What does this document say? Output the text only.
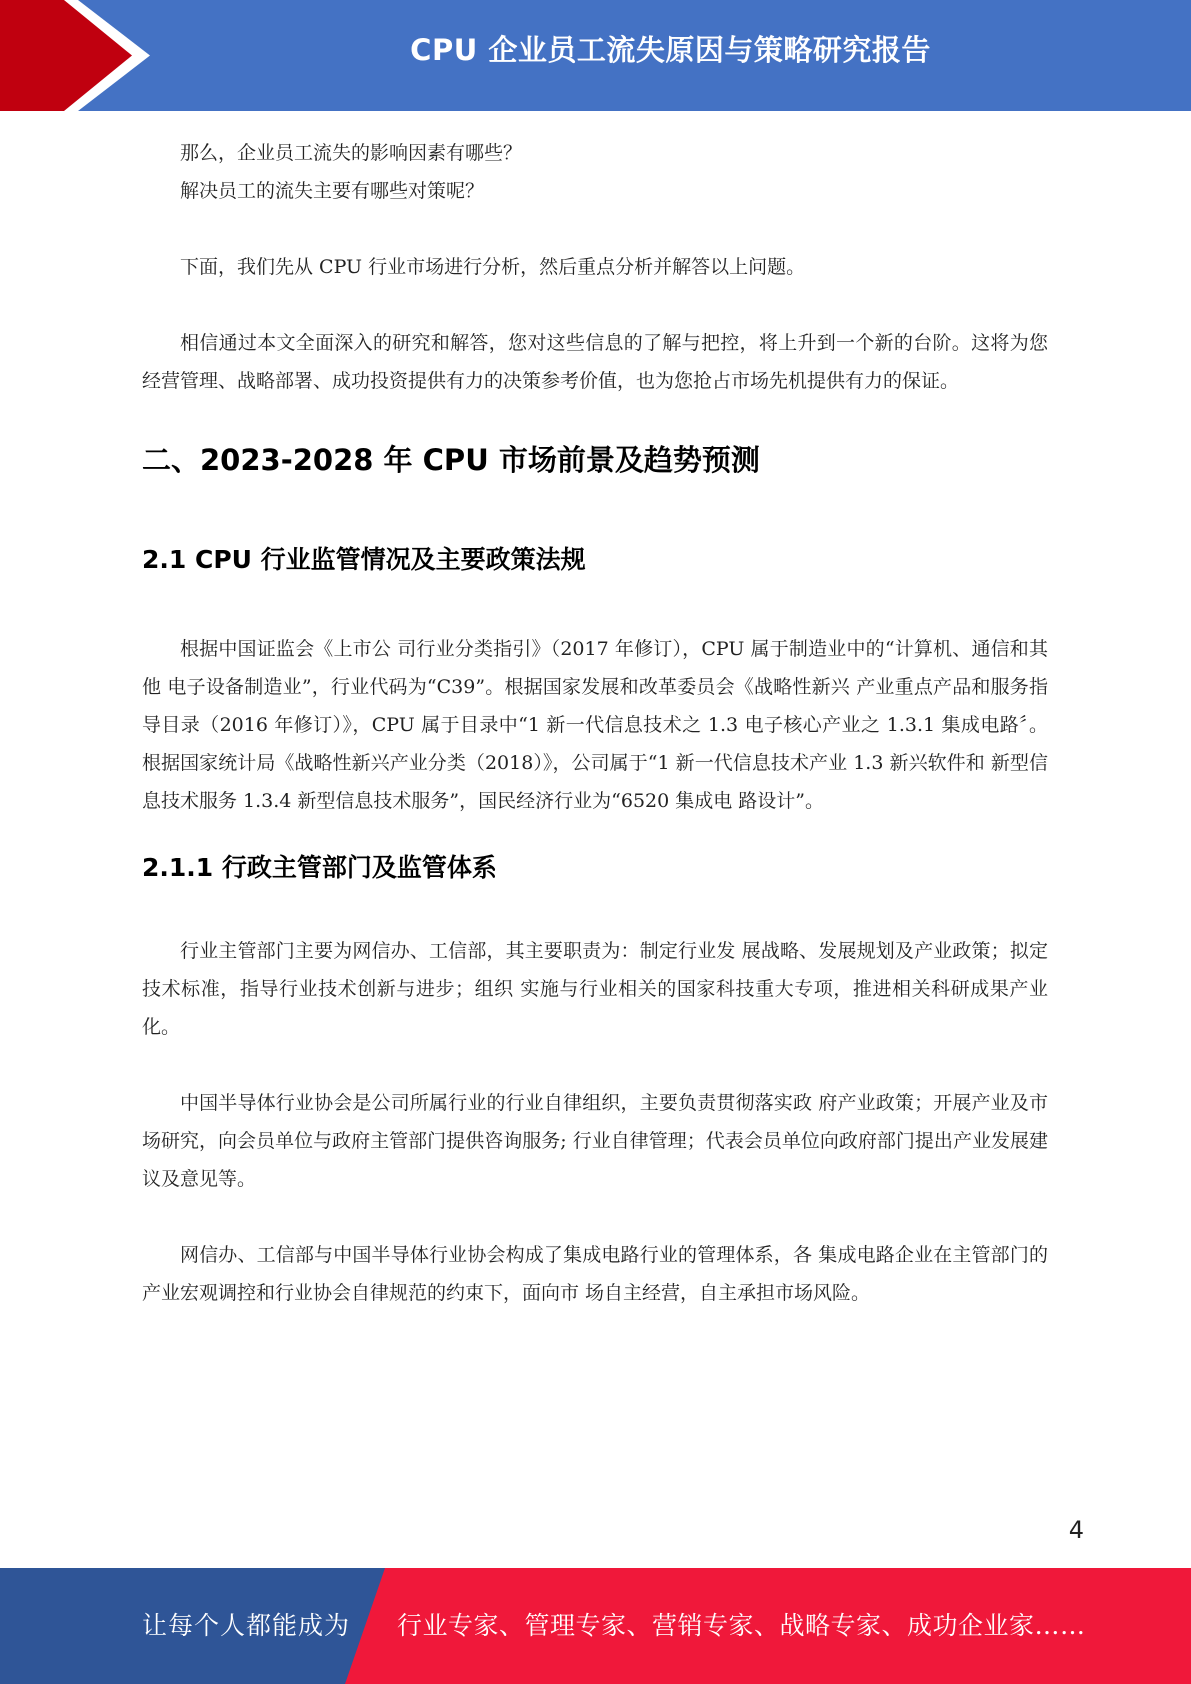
CPU 企业员工流失原因与策略研究报告

那么，企业员工流失的影响因素有哪些？

解决员工的流失主要有哪些对策呢？

下面，我们先从 CPU 行业市场进行分析，然后重点分析并解答以上问题。

相信通过本文全面深入的研究和解答，您对这些信息的了解与把控，将上升到一个新的台阶。这将为您经营管理、战略部署、成功投资提供有力的决策参考价值，也为您抢占市场先机提供有力的保证。

二、2023-2028 年 CPU 市场前景及趋势预测
2.1 CPU 行业监管情况及主要政策法规

根据中国证监会《上市公 司行业分类指引》（2017 年修订），CPU 属于制造业中的“计算机、通信和其他 电子设备制造业”，行业代码为“C39”。根据国家发展和改革委员会《战略性新兴 产业重点产品和服务指导目录（2016 年修订）》，CPU 属于目录中“1 新一代信息技术之 1.3 电子核心产业之 1.3.1 集成电路〞。根据国家统计局《战略性新兴产业分类（2018）》，公司属于“1 新一代信息技术产业 1.3 新兴软件和 新型信息技术服务 1.3.4 新型信息技术服务”，国民经济行业为“6520 集成电 路设计”。

2.1.1 行政主管部门及监管体系

行业主管部门主要为网信办、工信部，其主要职责为：制定行业发 展战略、发展规划及产业政策；拟定技术标准，指导行业技术创新与进步；组织 实施与行业相关的国家科技重大专项，推进相关科研成果产业化。

中国半导体行业协会是公司所属行业的行业自律组织，主要负责贯彻落实政 府产业政策；开展产业及市场研究，向会员单位与政府主管部门提供咨询服务; 行业自律管理；代表会员单位向政府部门提出产业发展建议及意见等。

网信办、工信部与中国半导体行业协会构成了集成电路行业的管理体系，各 集成电路企业在主管部门的产业宏观调控和行业协会自律规范的约束下，面向市 场自主经营，自主承担市场风险。

4
让每个人都能成为 行业专家、管理专家、营销专家、战略专家、成功企业家……
